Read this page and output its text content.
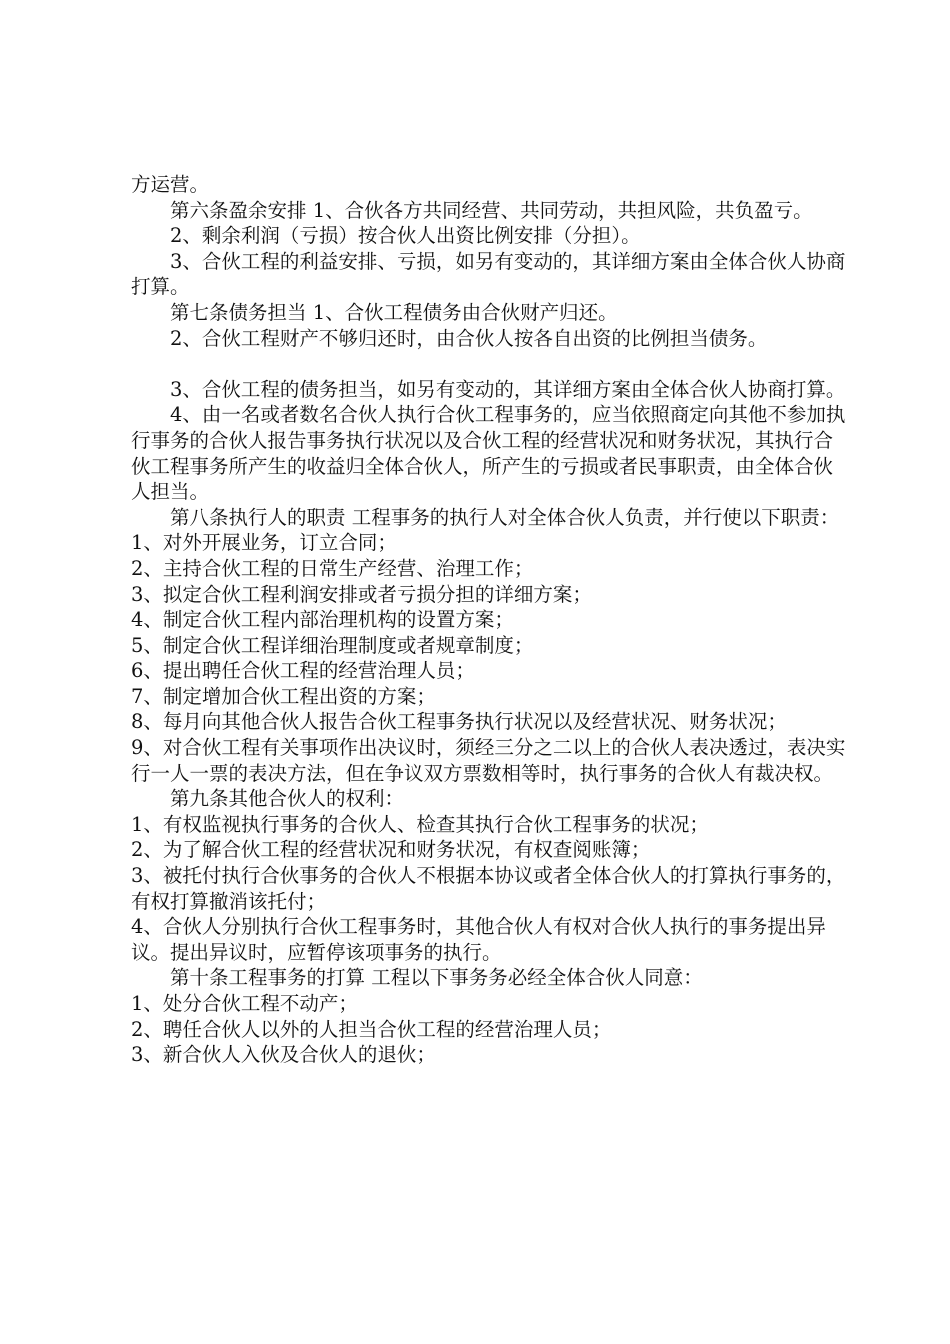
方运营。

第六条盈余安排 1、合伙各方共同经营、共同劳动，共担风险，共负盈亏。

2、剩余利润（亏损）按合伙人出资比例安排（分担）。

3、合伙工程的利益安排、亏损，如另有变动的，其详细方案由全体合伙人协商打算。

第七条债务担当 1、合伙工程债务由合伙财产归还。

2、合伙工程财产不够归还时，由合伙人按各自出资的比例担当债务。

3、合伙工程的债务担当，如另有变动的，其详细方案由全体合伙人协商打算。

4、由一名或者数名合伙人执行合伙工程事务的，应当依照商定向其他不参加执行事务的合伙人报告事务执行状况以及合伙工程的经营状况和财务状况，其执行合伙工程事务所产生的收益归全体合伙人，所产生的亏损或者民事职责，由全体合伙人担当。

第八条执行人的职责 工程事务的执行人对全体合伙人负责，并行使以下职责：

1、对外开展业务，订立合同；

2、主持合伙工程的日常生产经营、治理工作；

3、拟定合伙工程利润安排或者亏损分担的详细方案；

4、制定合伙工程内部治理机构的设置方案；

5、制定合伙工程详细治理制度或者规章制度；

6、提出聘任合伙工程的经营治理人员；

7、制定增加合伙工程出资的方案；

8、每月向其他合伙人报告合伙工程事务执行状况以及经营状况、财务状况；

9、对合伙工程有关事项作出决议时，须经三分之二以上的合伙人表决透过，表决实行一人一票的表决方法，但在争议双方票数相等时，执行事务的合伙人有裁决权。

第九条其他合伙人的权利：

1、有权监视执行事务的合伙人、检查其执行合伙工程事务的状况；

2、为了解合伙工程的经营状况和财务状况，有权查阅账簿；

3、被托付执行合伙事务的合伙人不根据本协议或者全体合伙人的打算执行事务的，有权打算撤消该托付；

4、合伙人分别执行合伙工程事务时，其他合伙人有权对合伙人执行的事务提出异议。提出异议时，应暂停该项事务的执行。

第十条工程事务的打算 工程以下事务务必经全体合伙人同意：

1、处分合伙工程不动产；

2、聘任合伙人以外的人担当合伙工程的经营治理人员；

3、新合伙人入伙及合伙人的退伙；
